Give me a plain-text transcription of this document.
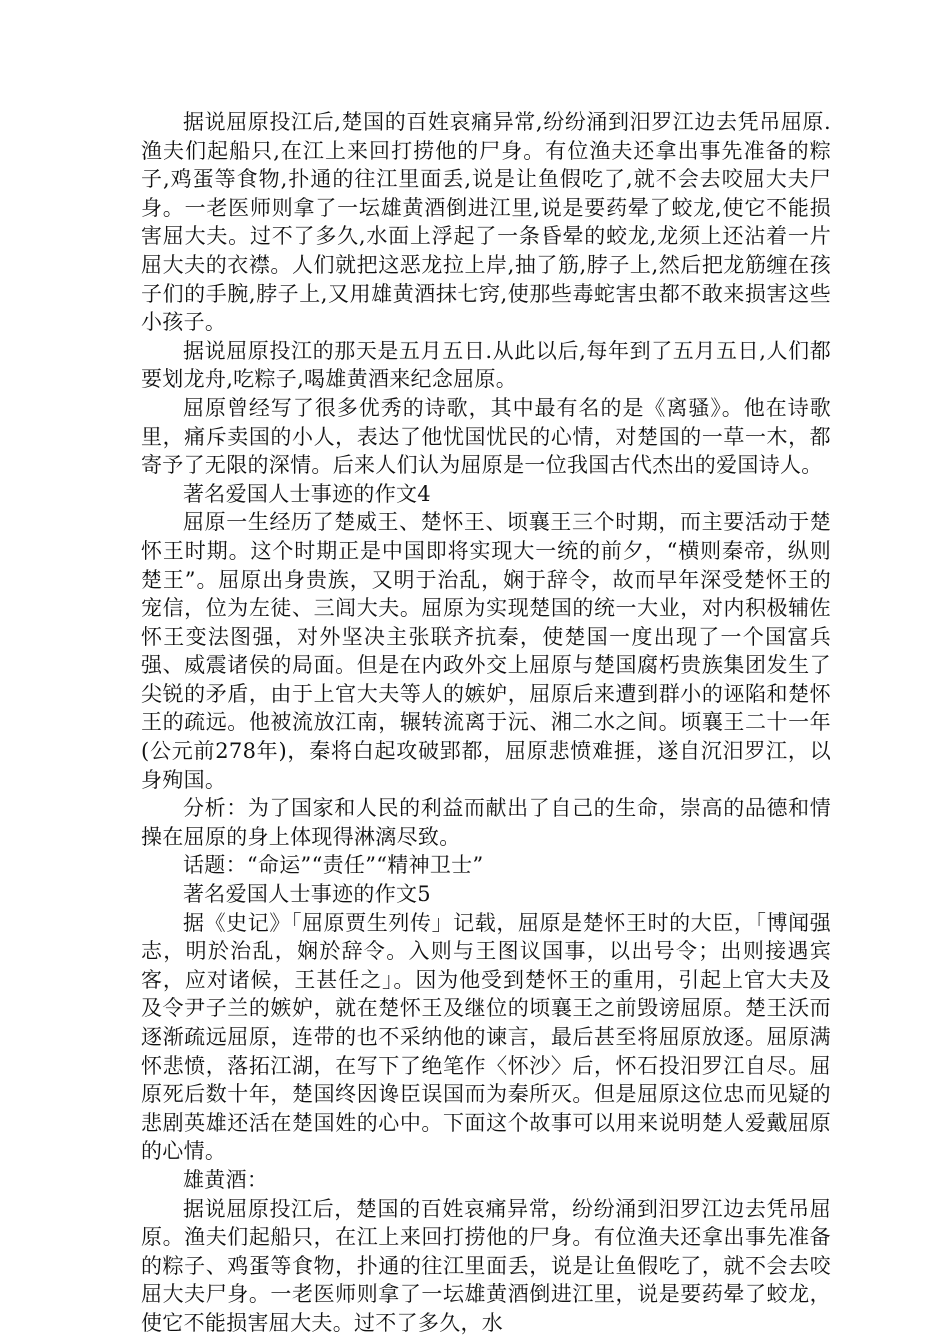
据说屈原投江后,楚国的百姓哀痛异常,纷纷涌到汨罗江边去凭吊屈原.渔夫们起船只,在江上来回打捞他的尸身。有位渔夫还拿出事先准备的粽子,鸡蛋等食物,扑通的往江里面丢,说是让鱼假吃了,就不会去咬屈大夫尸身。一老医师则拿了一坛雄黄酒倒进江里,说是要药晕了蛟龙,使它不能损害屈大夫。过不了多久,水面上浮起了一条昏晕的蛟龙,龙须上还沾着一片屈大夫的衣襟。人们就把这恶龙拉上岸,抽了筋,脖子上,然后把龙筋缠在孩子们的手腕,脖子上,又用雄黄酒抹七窍,使那些毒蛇害虫都不敢来损害这些小孩子。

据说屈原投江的那天是五月五日.从此以后,每年到了五月五日,人们都要划龙舟,吃粽子,喝雄黄酒来纪念屈原。

屈原曾经写了很多优秀的诗歌，其中最有名的是《离骚》。他在诗歌里，痛斥卖国的小人，表达了他忧国忧民的心情，对楚国的一草一木，都寄予了无限的深情。后来人们认为屈原是一位我国古代杰出的爱国诗人。

著名爱国人士事迹的作文4

屈原一生经历了楚威王、楚怀王、顷襄王三个时期，而主要活动于楚怀王时期。这个时期正是中国即将实现大一统的前夕，“横则秦帝，纵则楚王”。屈原出身贵族，又明于治乱，娴于辞令，故而早年深受楚怀王的宠信，位为左徒、三闾大夫。屈原为实现楚国的统一大业，对内积极辅佐怀王变法图强，对外坚决主张联齐抗秦，使楚国一度出现了一个国富兵强、威震诸侯的局面。但是在内政外交上屈原与楚国腐朽贵族集团发生了尖锐的矛盾，由于上官大夫等人的嫉妒，屈原后来遭到群小的诬陷和楚怀王的疏远。他被流放江南，辗转流离于沅、湘二水之间。顷襄王二十一年(公元前278年)，秦将白起攻破郢都，屈原悲愤难捱，遂自沉汨罗江，以身殉国。

分析：为了国家和人民的利益而献出了自己的生命，崇高的品德和情操在屈原的身上体现得淋漓尽致。

话题：“命运”“责任”“精神卫士”

著名爱国人士事迹的作文5

据《史记》「屈原贾生列传」记载，屈原是楚怀王时的大臣，「博闻强志，明於治乱，娴於辞令。入则与王图议国事，以出号令；出则接遇宾客，应对诸候，王甚任之」。因为他受到楚怀王的重用，引起上官大夫及及令尹子兰的嫉妒，就在楚怀王及继位的顷襄王之前毁谤屈原。楚王沃而逐渐疏远屈原，连带的也不采纳他的谏言，最后甚至将屈原放逐。屈原满怀悲愤，落拓江湖，在写下了绝笔作〈怀沙〉后，怀石投汨罗江自尽。屈原死后数十年，楚国终因谗臣误国而为秦所灭。但是屈原这位忠而见疑的悲剧英雄还活在楚国姓的心中。下面这个故事可以用来说明楚人爱戴屈原的心情。

雄黄酒：

据说屈原投江后，楚国的百姓哀痛异常，纷纷涌到汨罗江边去凭吊屈原。渔夫们起船只，在江上来回打捞他的尸身。有位渔夫还拿出事先准备的粽子、鸡蛋等食物，扑通的往江里面丢，说是让鱼假吃了，就不会去咬屈大夫尸身。一老医师则拿了一坛雄黄酒倒进江里，说是要药晕了蛟龙，使它不能损害屈大夫。过不了多久，水
